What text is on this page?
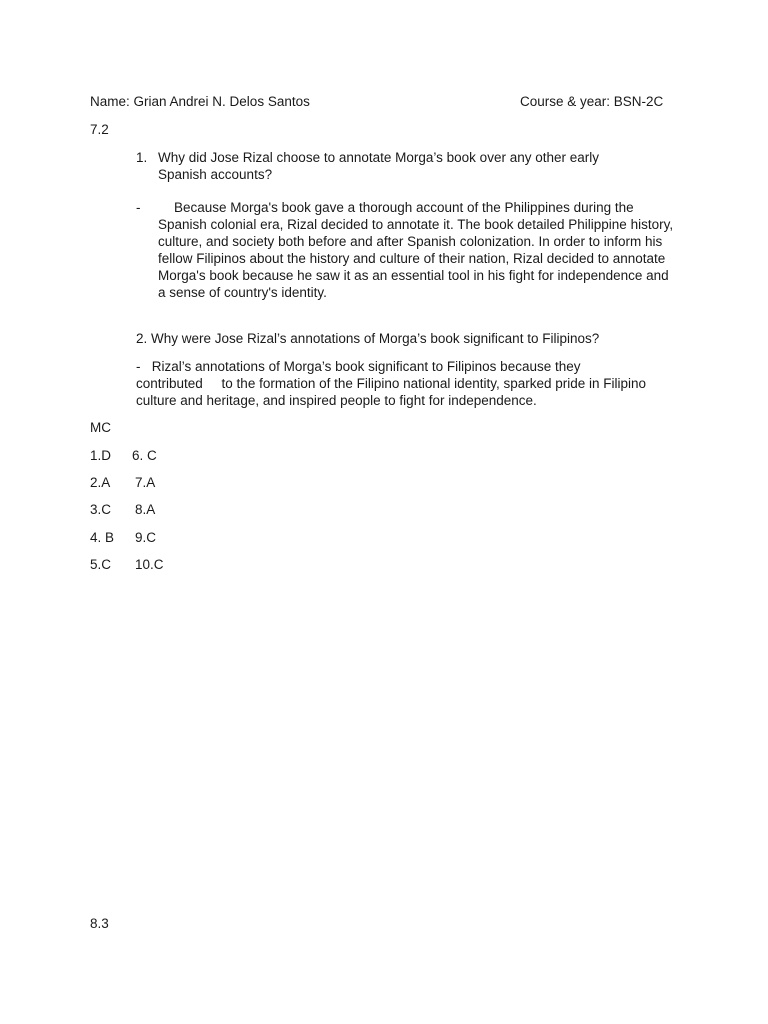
Name: Grian Andrei N. Delos Santos	Course & year: BSN-2C
7.2
1. Why did Jose Rizal choose to annotate Morga’s book over any other early Spanish accounts?
-	Because Morga's book gave a thorough account of the Philippines during the Spanish colonial era, Rizal decided to annotate it. The book detailed Philippine history, culture, and society both before and after Spanish colonization. In order to inform his fellow Filipinos about the history and culture of their nation, Rizal decided to annotate Morga's book because he saw it as an essential tool in his fight for independence and a sense of country's identity.
2. Why were Jose Rizal’s annotations of Morga’s book significant to Filipinos?
-   Rizal’s annotations of Morga’s book significant to Filipinos because they
contributed     to the formation of the Filipino national identity, sparked pride in Filipino
culture and heritage, and inspired people to fight for independence.
MC
1.D 6. C
2.A 7.A
3.C 8.A
4. B 9.C
5.C 10.C
8.3
